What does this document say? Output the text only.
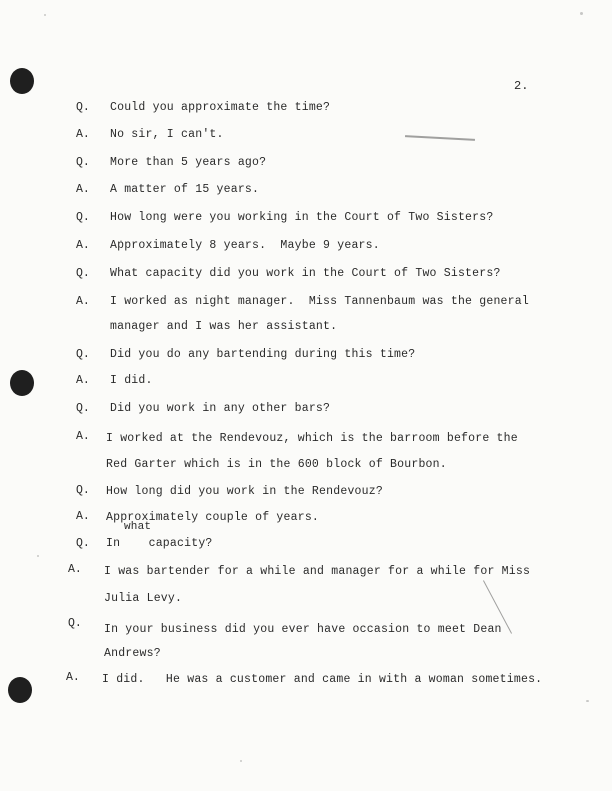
2.
what
Q. Could you approximate the time?
A. No sir, I can't.
Q. More than 5 years ago?
A. A matter of 15 years.
Q. How long were you working in the Court of Two Sisters?
A. Approximately 8 years.  Maybe 9 years.
Q. What capacity did you work in the Court of Two Sisters?
A. I worked as night manager.  Miss Tannenbaum was the general
manager and I was her assistant.
Q. Did you do any bartending during this time?
A. I did.
Q. Did you work in any other bars?
A. I worked at the Rendevouz, which is the barroom before the
Red Garter which is in the 600 block of Bourbon.
Q. How long did you work in the Rendevouz?
A. Approximately couple of years.
Q. In    capacity?
A. I was bartender for a while and manager for a while for Miss
Julia Levy.
Q. In your business did you ever have occasion to meet Dean
Andrews?
A. I did.   He was a customer and came in with a woman sometimes.
